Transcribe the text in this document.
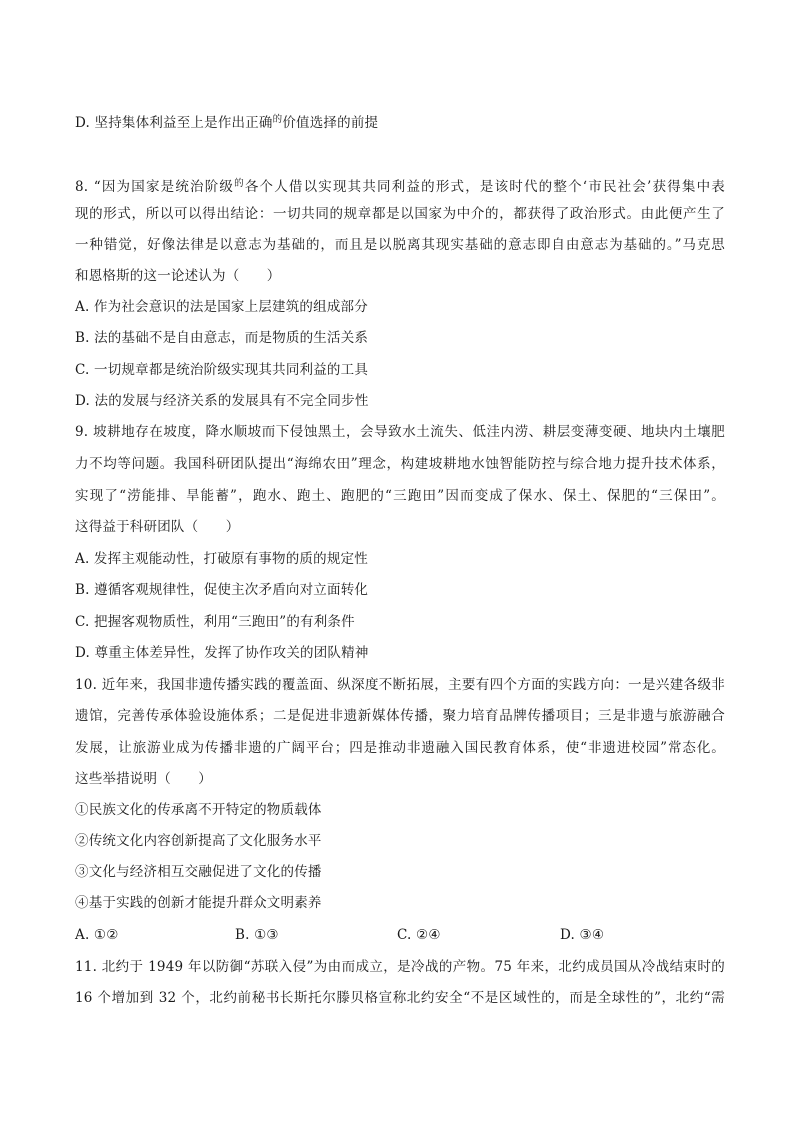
D. 坚持集体利益至上是作出正确$^的$价值选择的前提
8. “因为国家是统治阶级$^的$各个人借以实现其共同利益的形式，是该时代的整个‘市民社会’获得集中表
现的形式，所以可以得出结论：一切共同的规章都是以国家为中介的，都获得了政治形式。由此便产生了
一种错觉，好像法律是以意志为基础的，而且是以脱离其现实基础的意志即自由意志为基础的。”马克思
和恩格斯的这一论述认为（　　）
A. 作为社会意识的法是国家上层建筑的组成部分
B. 法的基础不是自由意志，而是物质的生活关系
C. 一切规章都是统治阶级实现其共同利益的工具
D. 法的发展与经济关系的发展具有不完全同步性
9. 坡耕地存在坡度，降水顺坡而下侵蚀黑土，会导致水土流失、低洼内涝、耕层变薄变硬、地块内土壤肥
力不均等问题。我国科研团队提出“海绵农田”理念，构建坡耕地水蚀智能防控与综合地力提升技术体系，
实现了“涝能排、旱能蓄”，跑水、跑土、跑肥的“三跑田”因而变成了保水、保土、保肥的“三保田”。
这得益于科研团队（　　）
A. 发挥主观能动性，打破原有事物的质的规定性
B. 遵循客观规律性，促使主次矛盾向对立面转化
C. 把握客观物质性，利用“三跑田”的有利条件
D. 尊重主体差异性，发挥了协作攻关的团队精神
10. 近年来，我国非遗传播实践的覆盖面、纵深度不断拓展，主要有四个方面的实践方向：一是兴建各级非
遗馆，完善传承体验设施体系；二是促进非遗新媒体传播，聚力培育品牌传播项目；三是非遗与旅游融合
发展，让旅游业成为传播非遗的广阔平台；四是推动非遗融入国民教育体系，使“非遗进校园”常态化。
这些举措说明（　　）
①民族文化的传承离不开特定的物质载体
②传统文化内容创新提高了文化服务水平
③文化与经济相互交融促进了文化的传播
④基于实践的创新才能提升群众文明素养
A. ①②	B. ①③	C. ②④	D. ③④
11. 北约于 1949 年以防御“苏联入侵”为由而成立，是冷战的产物。75 年来，北约成员国从冷战结束时的
16 个增加到 32 个，北约前秘书长斯托尔滕贝格宣称北约安全“不是区域性的，而是全球性的”，北约“需
